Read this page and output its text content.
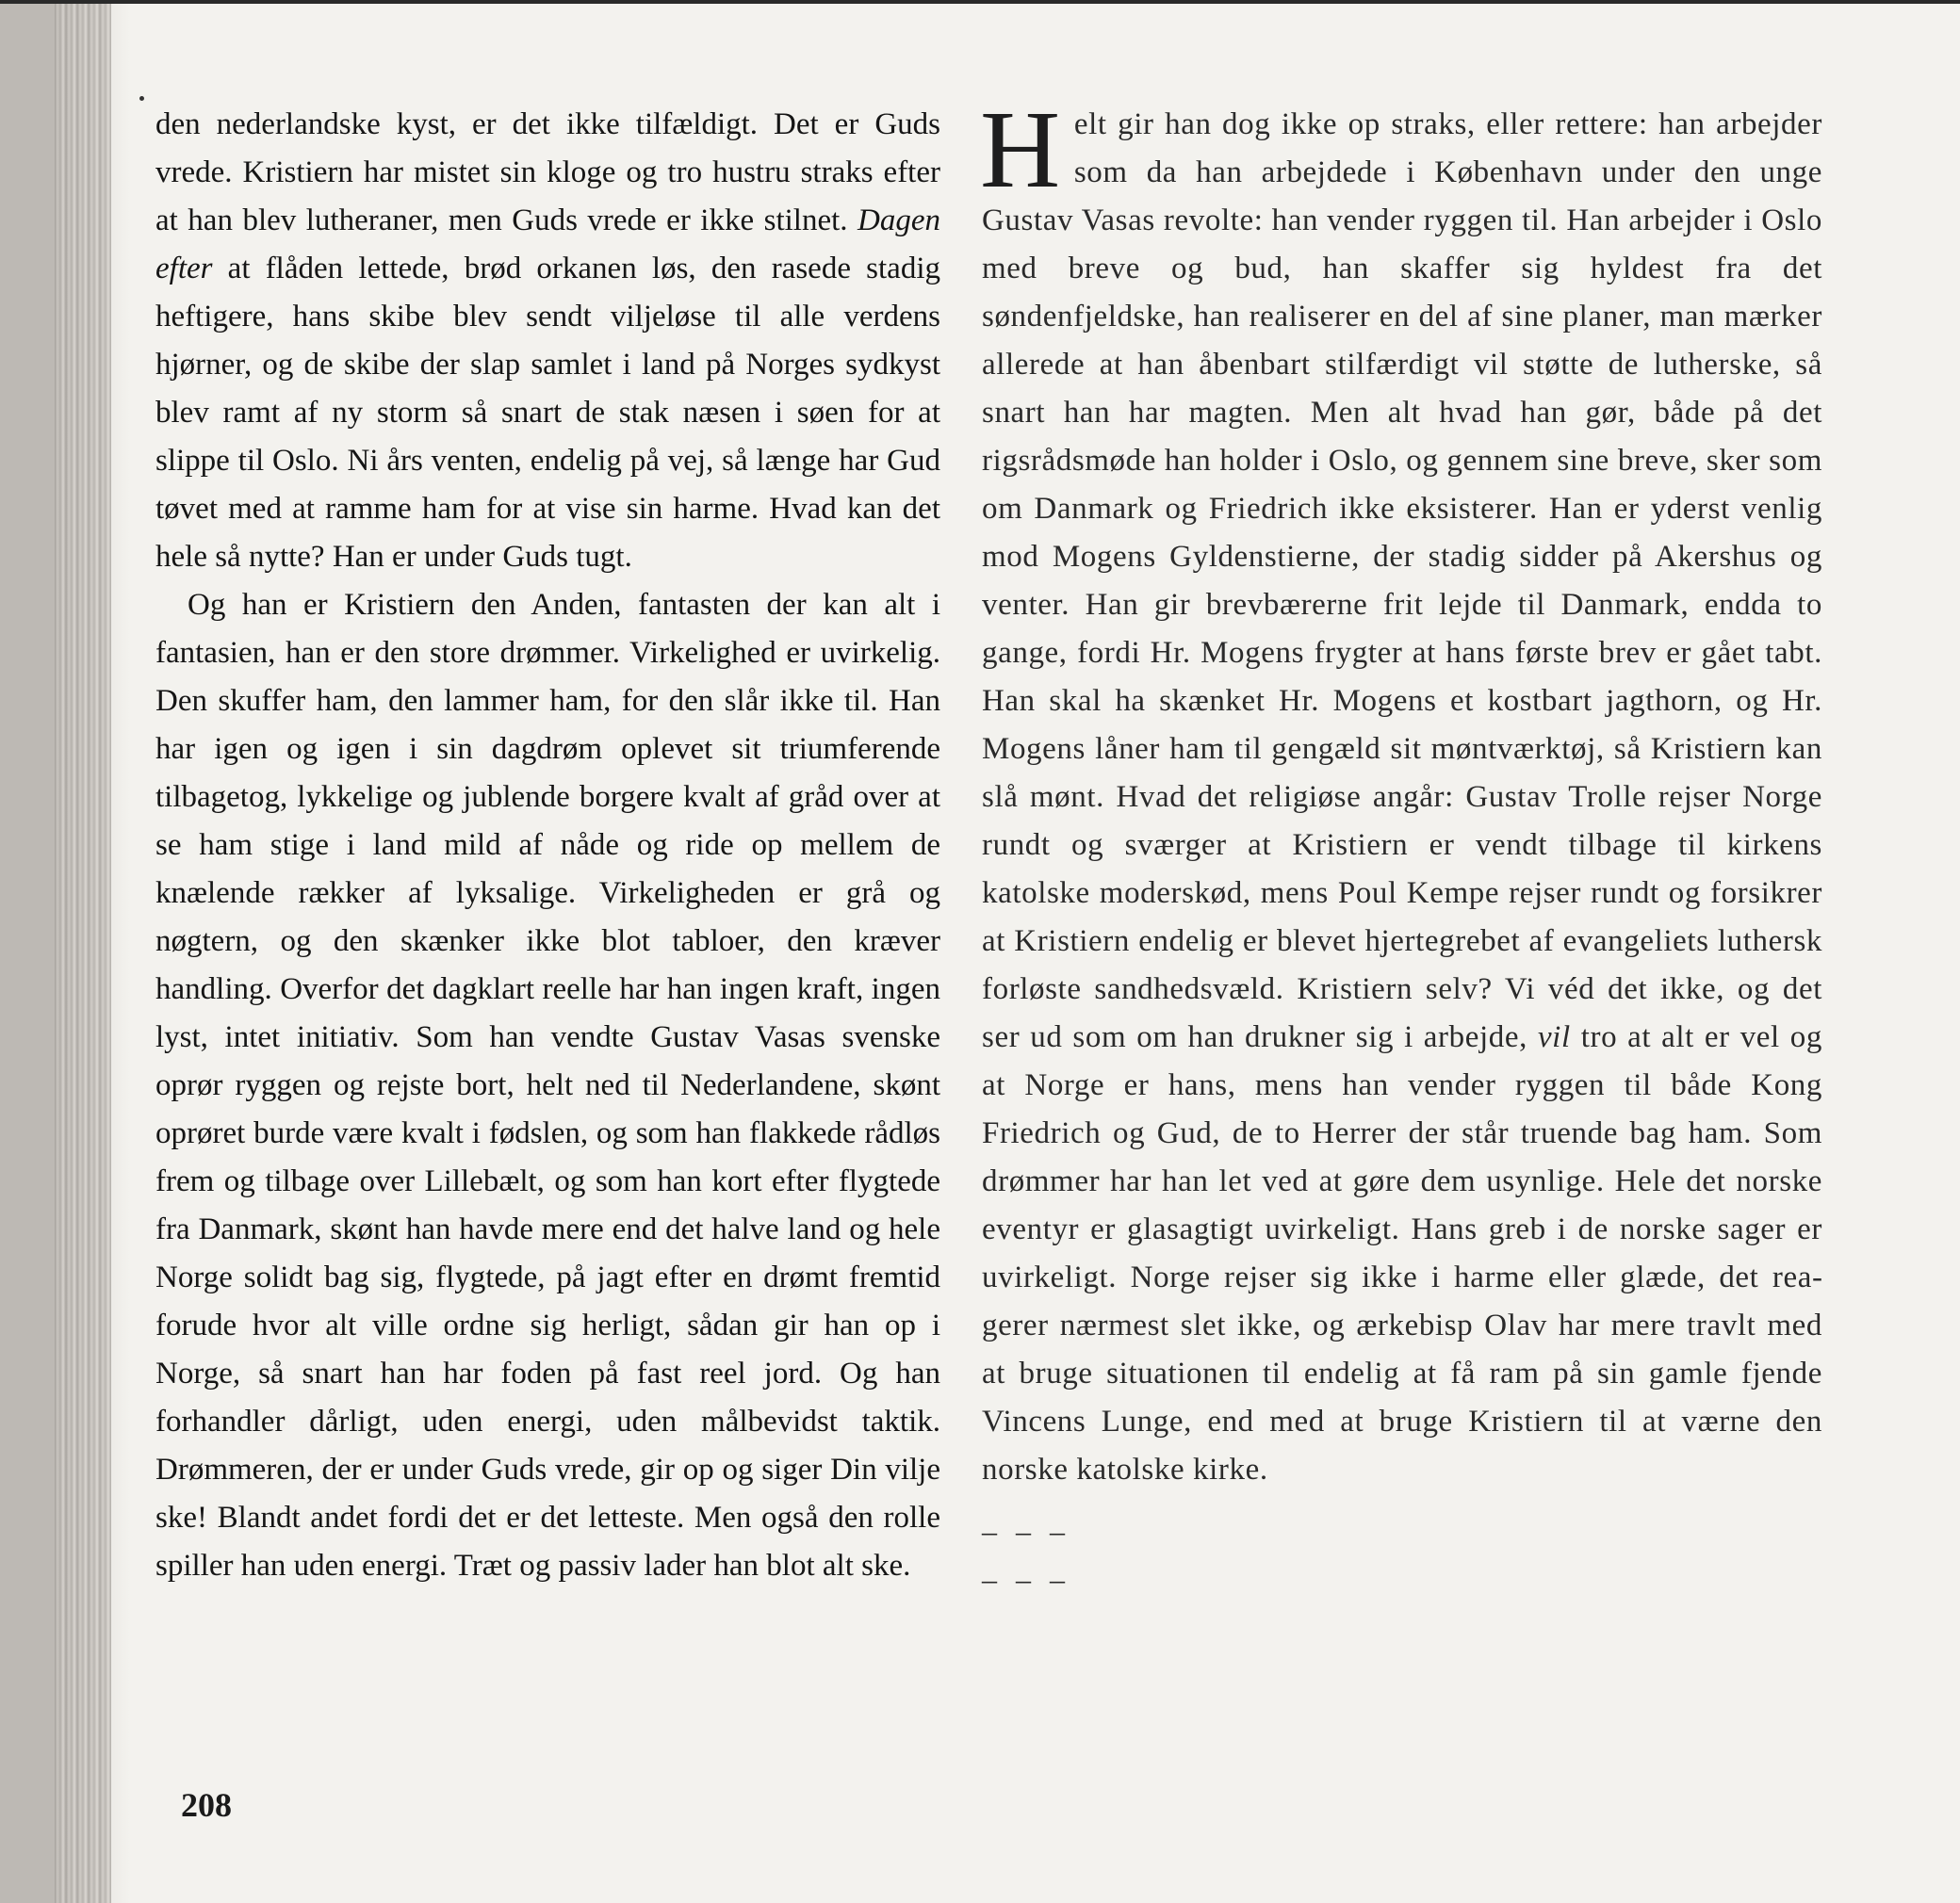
den nederlandske kyst, er det ikke tilfældigt. Det er Guds vrede. Kristiern har mistet sin kloge og tro hustru straks efter at han blev lutheraner, men Guds vrede er ikke stilnet. Dagen efter at flåden lettede, brød orkanen løs, den rasede stadig heftigere, hans skibe blev sendt viljeløse til alle verdens hjørner, og de skibe der slap samlet i land på Norges sydkyst blev ramt af ny storm så snart de stak næsen i søen for at slippe til Oslo. Ni års venten, endelig på vej, så længe har Gud tøvet med at ramme ham for at vise sin harme. Hvad kan det hele så nytte? Han er under Guds tugt.

Og han er Kristiern den Anden, fantasten der kan alt i fantasien, han er den store drømmer. Virkelighed er uvirkelig. Den skuffer ham, den lammer ham, for den slår ikke til. Han har igen og igen i sin dagdrøm oplevet sit triumferende tilbagetog, lykkelige og jublende borgere kvalt af gråd over at se ham stige i land mild af nåde og ride op mellem de knælende rækker af lyksalige. Virkeligheden er grå og nøgtern, og den skænker ikke blot tabloer, den kræver handling. Overfor det dagklart reelle har han ingen kraft, ingen lyst, intet initiativ. Som han vendte Gustav Vasas svenske oprør ryggen og rejste bort, helt ned til Nederlandene, skønt oprøret burde være kvalt i fødslen, og som han flakkede rådløs frem og tilbage over Lillebælt, og som han kort efter flygtede fra Danmark, skønt han havde mere end det halve land og hele Norge solidt bag sig, flygtede, på jagt efter en drømt fremtid forude hvor alt ville ordne sig herligt, sådan gir han op i Norge, så snart han har foden på fast reel jord. Og han forhandler dårligt, uden energi, uden målbevidst taktik. Drømmeren, der er under Guds vrede, gir op og siger Din vilje ske! Blandt andet fordi det er det letteste. Men også den rolle spiller han uden energi. Træt og passiv lader han blot alt ske.

H elt gir han dog ikke op straks, eller rettere: han arbejder som da han arbejdede i København under den unge Gustav Vasas revolte: han vender ryggen til. Han arbejder i Oslo med breve og bud, han skaffer sig hyldest fra det søndenfjeldske, han realiserer en del af sine planer, man mærker allerede at han åbenbart stilfærdigt vil støtte de lutherske, så snart han har magten. Men alt hvad han gør, både på det rigsrådsmøde han holder i Oslo, og gennem sine breve, sker som om Danmark og Friedrich ikke eksisterer. Han er yderst venlig mod Mogens Gyldenstierne, der stadig sidder på Akershus og venter. Han gir brevbærerne frit lejde til Danmark, endda to gange, fordi Hr. Mogens frygter at hans første brev er gået tabt. Han skal ha skænket Hr. Mogens et kostbart jagthorn, og Hr. Mogens låner ham til gengæld sit møntværktøj, så Kristiern kan slå mønt. Hvad det religiøse angår: Gustav Trolle rejser Norge rundt og sværger at Kristiern er vendt tilbage til kirkens katolske moderskød, mens Poul Kempe rejser rundt og forsikrer at Kristiern endelig er blevet hjertegrebet af evangeliets luthersk forløste sandhedsvæld. Kristiern selv? Vi véd det ikke, og det ser ud som om han drukner sig i arbejde, vil tro at alt er vel og at Norge er hans, mens han vender ryggen til både Kong Friedrich og Gud, de to Herrer der står truende bag ham. Som drømmer har han let ved at gøre dem usynlige. Hele det norske eventyr er glasagtigt uvirkeligt. Hans greb i de norske sager er uvirkeligt. Norge rejser sig ikke i harme eller glæde, det reagerer nærmest slet ikke, og ærkebisp Olav har mere travlt med at bruge situationen til endelig at få ram på sin gamle fjende Vincens Lunge, end med at bruge Kristiern til at værne den norske katolske kirke.

– – –
– – –
208
